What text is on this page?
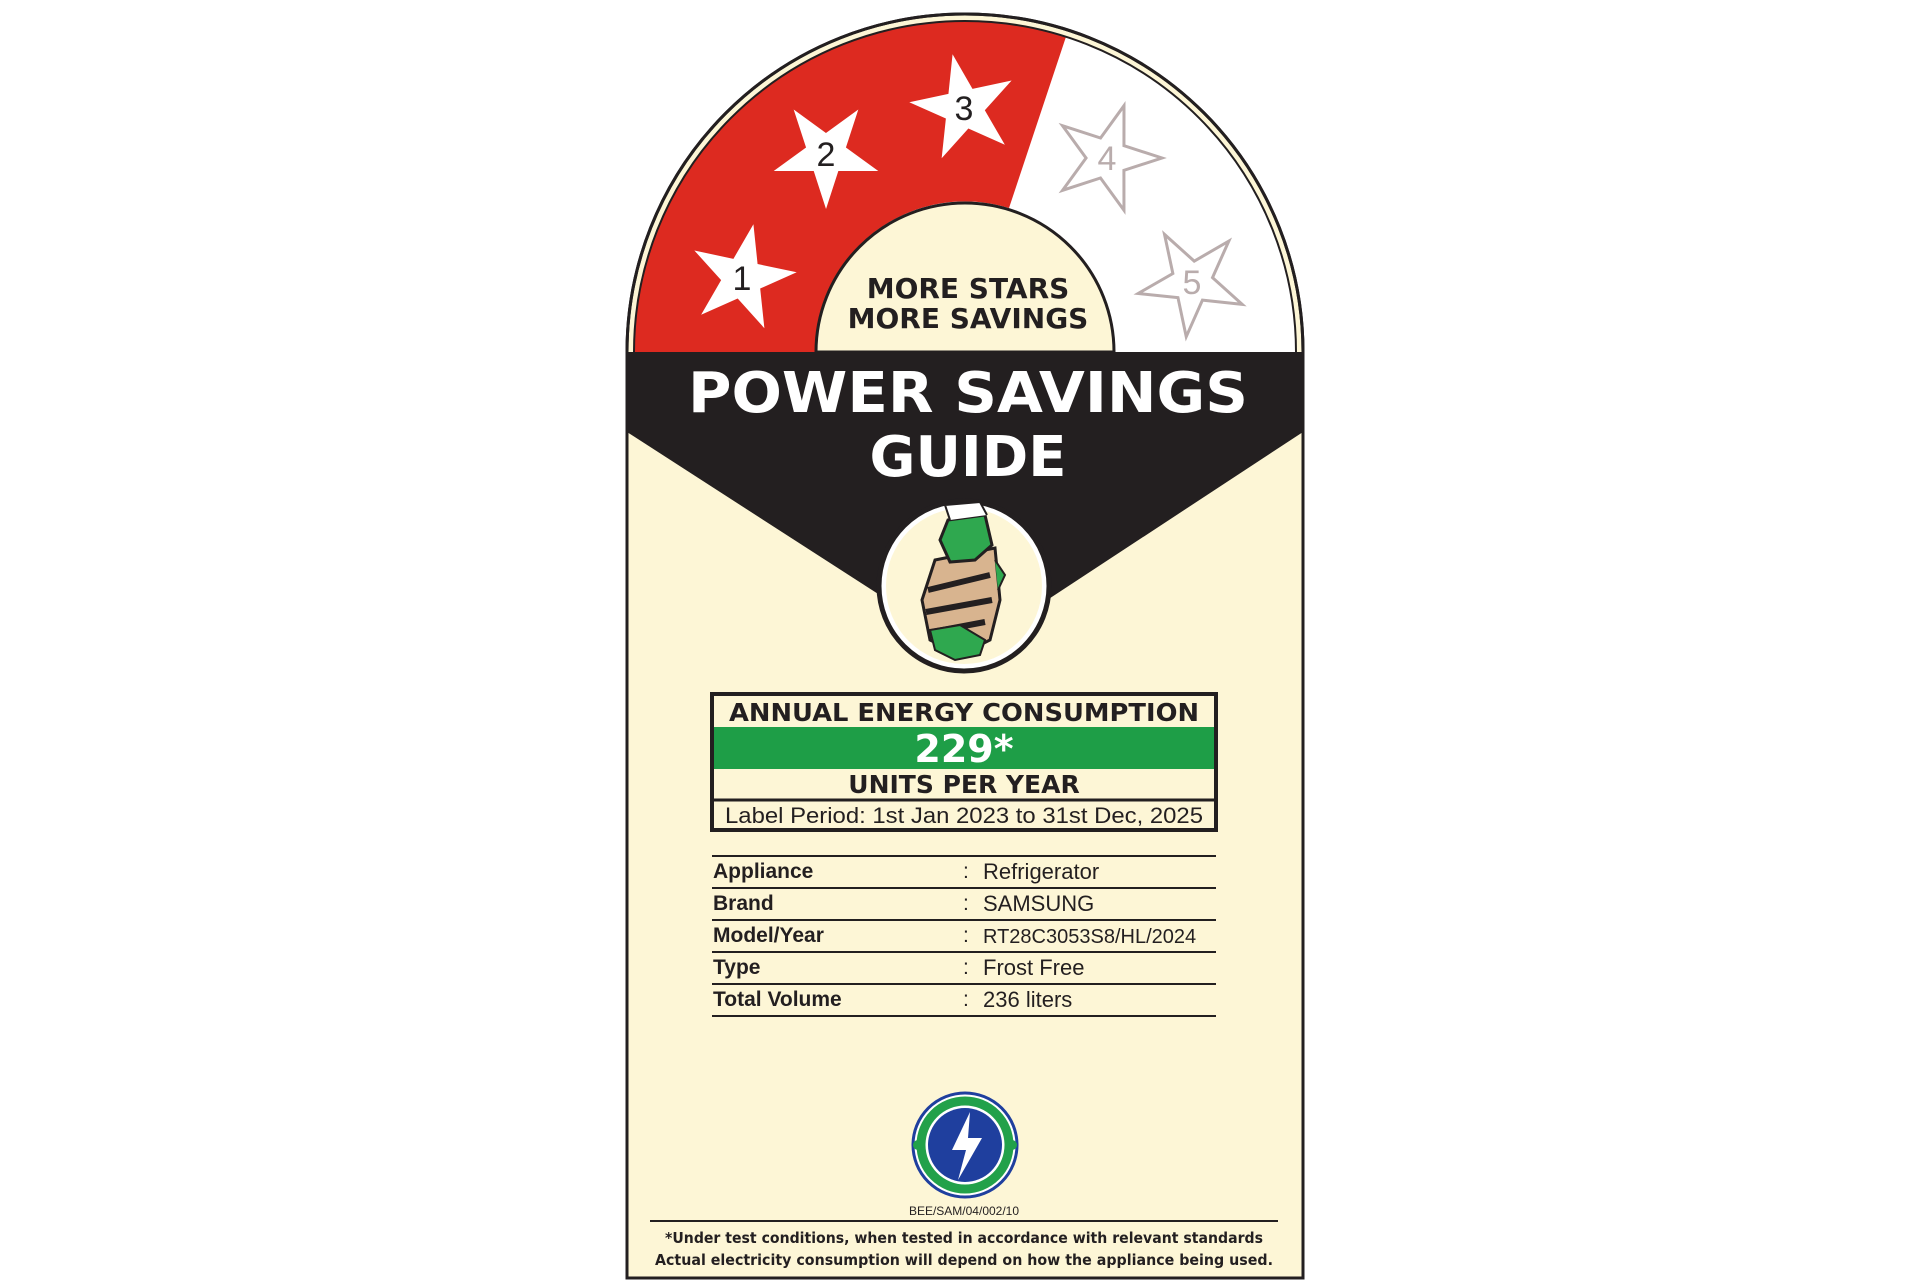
1
2
3
4
5
MORE STARS
MORE SAVINGS
POWER SAVINGS
GUIDE
ANNUAL ENERGY CONSUMPTION
229*
UNITS PER YEAR
Label Period: 1st Jan 2023 to 31st Dec, 2025
Appliance	: Refrigerator
Brand	: SAMSUNG
Model/Year	: RT28C3053S8/HL/2024
Type	: Frost Free
Total Volume	: 236 liters
BEE/SAM/04/002/10
*Under test conditions, when tested in accordance with relevant standards
Actual electricity consumption will depend on how the appliance being used.
